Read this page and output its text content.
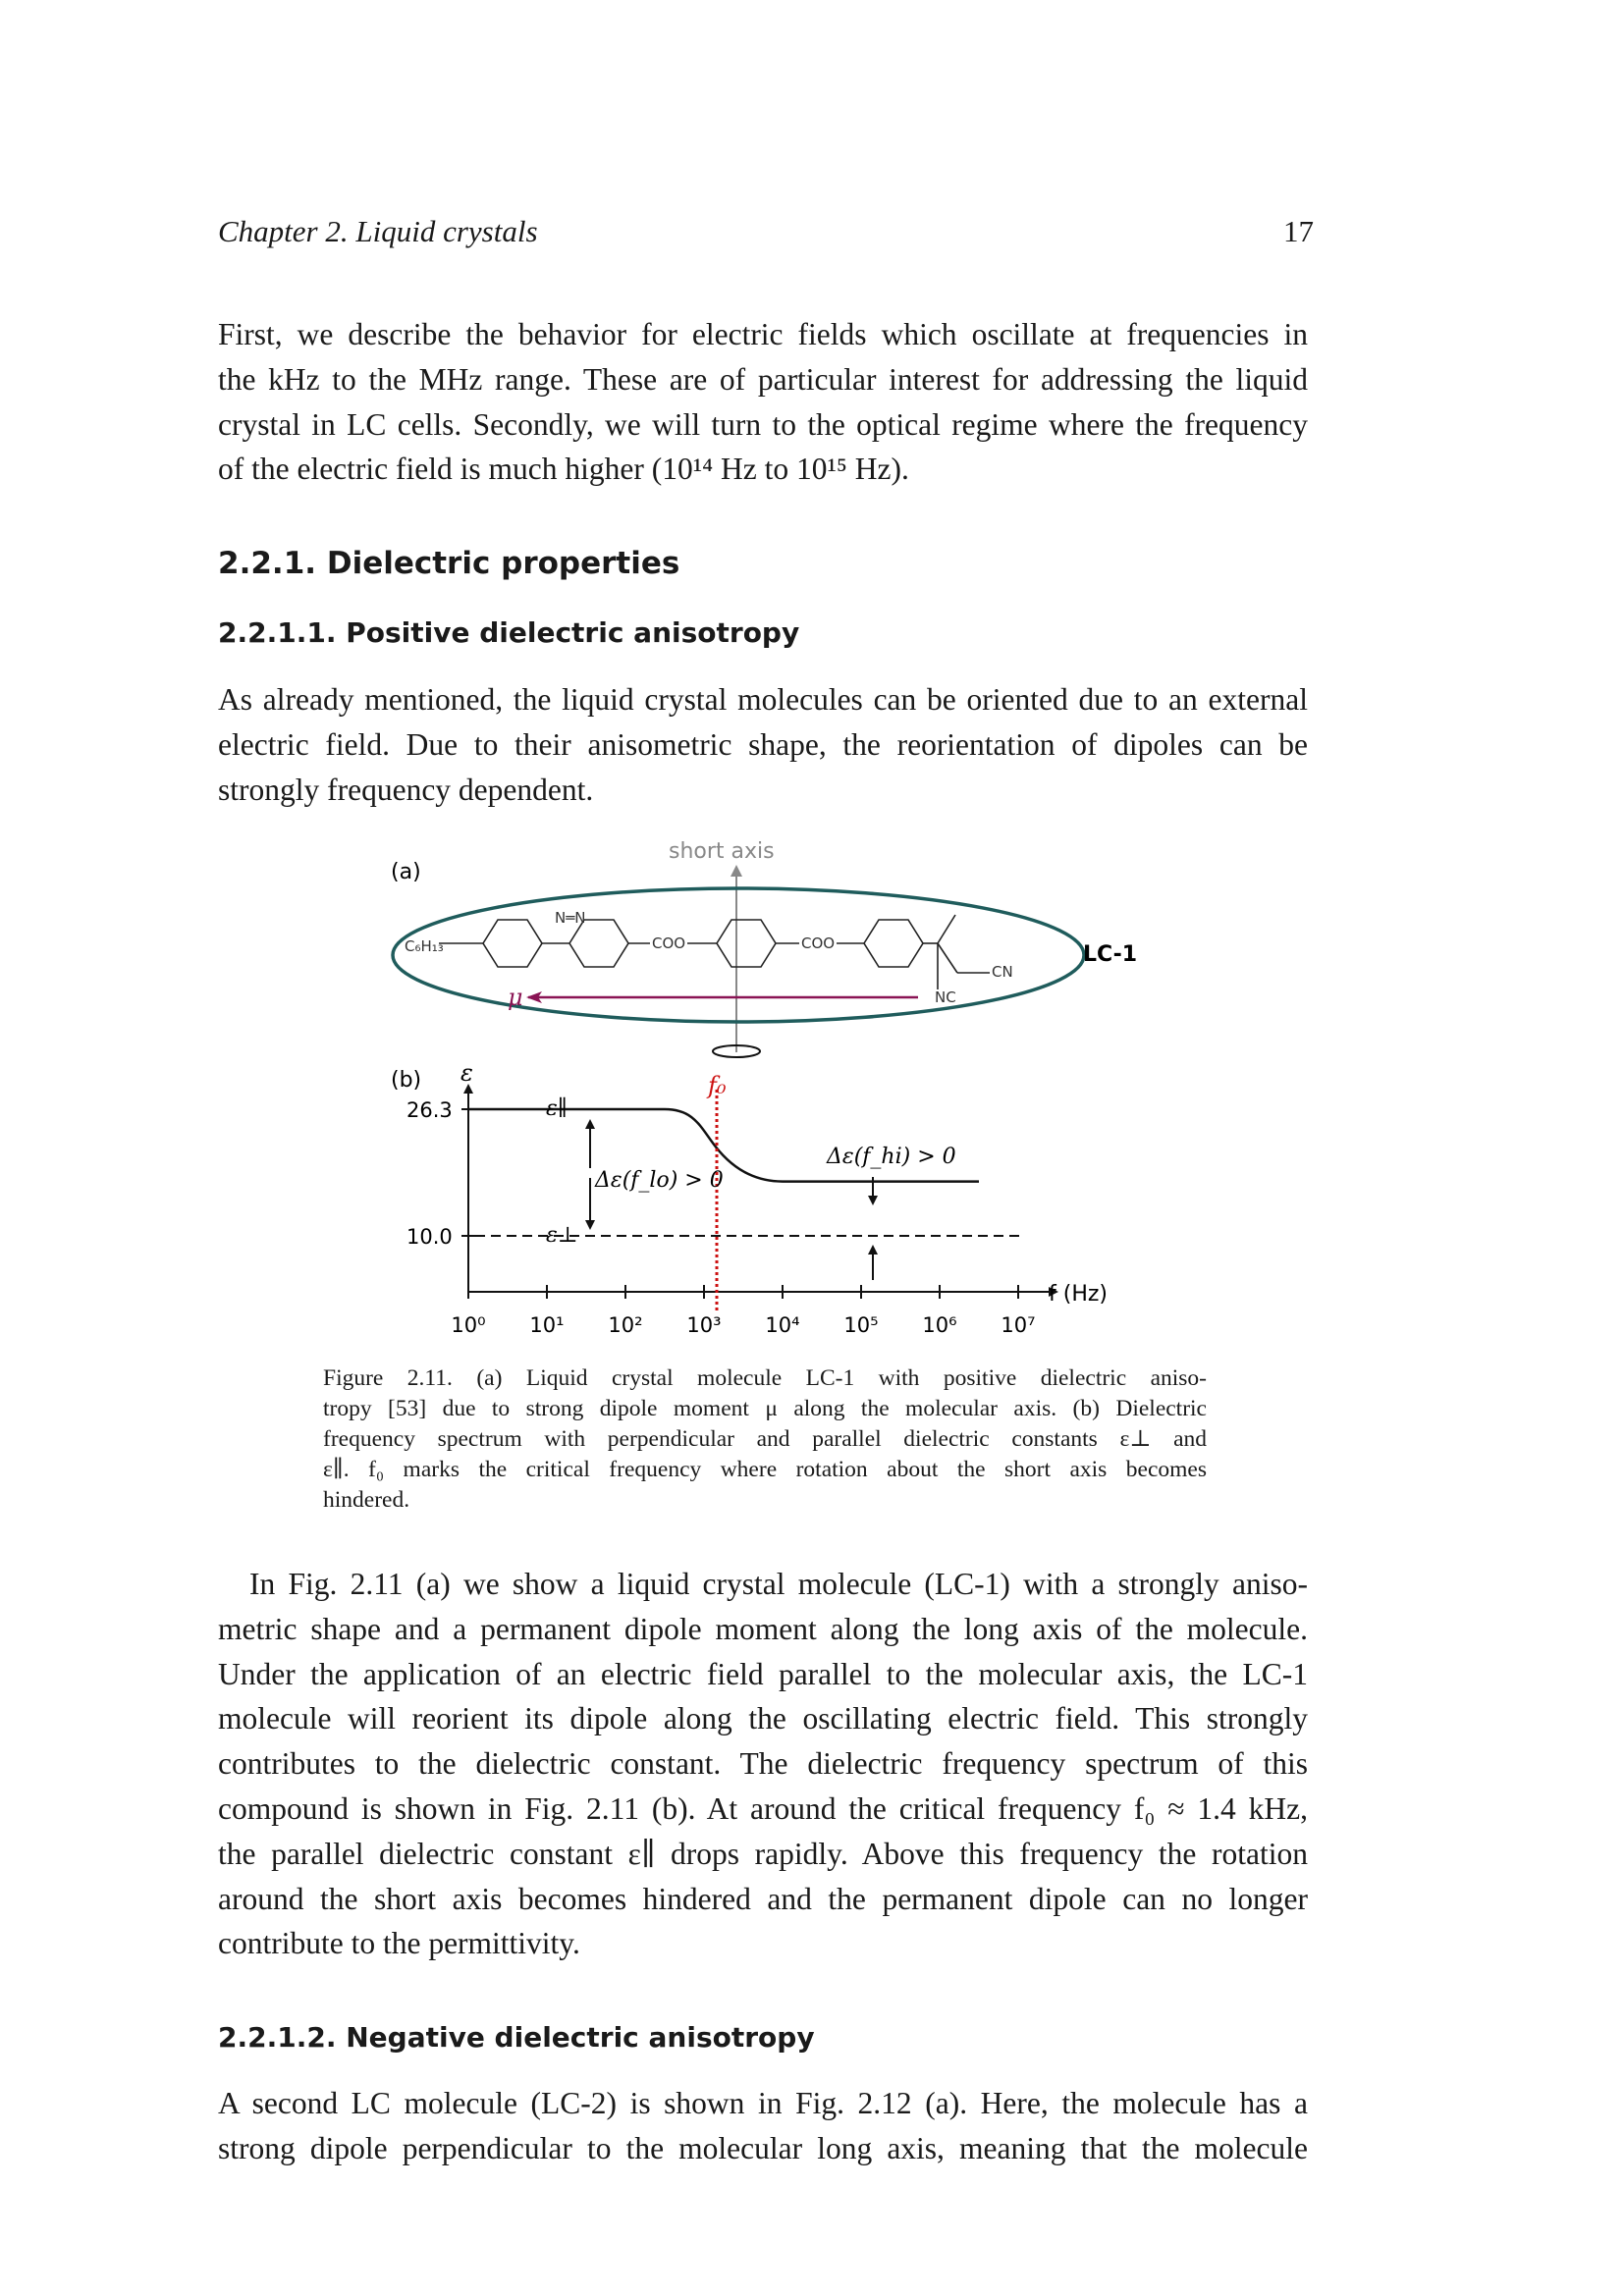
Chapter 2. Liquid crystals	17
First, we describe the behavior for electric fields which oscillate at frequencies in
the kHz to the MHz range. These are of particular interest for addressing the liquid
crystal in LC cells. Secondly, we will turn to the optical regime where the frequency
of the electric field is much higher (10¹⁴ Hz to 10¹⁵ Hz).
2.2.1. Dielectric properties
2.2.1.1. Positive dielectric anisotropy
As already mentioned, the liquid crystal molecules can be oriented due to an external
electric field. Due to their anisometric shape, the reorientation of dipoles can be
strongly frequency dependent.
(a)
short axis
C₆H₁₃
N═N
COO	COO
CN
NC
μ
LC-1
(b) ε
f (Hz)
26.3
10.0
10⁰ 10¹ 10² 10³ 10⁴ 10⁵ 10⁶ 10⁷
f₀
ε∥
ε⊥
Δε(f_lo) > 0
Δε(f_hi) > 0
Figure 2.11. (a) Liquid crystal molecule LC-1 with positive dielectric aniso-
tropy [53] due to strong dipole moment μ along the molecular axis. (b) Dielectric
frequency spectrum with perpendicular and parallel dielectric constants ε⊥ and
ε∥. f₀ marks the critical frequency where rotation about the short axis becomes
hindered.
In Fig. 2.11 (a) we show a liquid crystal molecule (LC-1) with a strongly aniso-
metric shape and a permanent dipole moment along the long axis of the molecule.
Under the application of an electric field parallel to the molecular axis, the LC-1
molecule will reorient its dipole along the oscillating electric field. This strongly
contributes to the dielectric constant. The dielectric frequency spectrum of this
compound is shown in Fig. 2.11 (b). At around the critical frequency f₀ ≈ 1.4 kHz,
the parallel dielectric constant ε∥ drops rapidly. Above this frequency the rotation
around the short axis becomes hindered and the permanent dipole can no longer
contribute to the permittivity.
2.2.1.2. Negative dielectric anisotropy
A second LC molecule (LC-2) is shown in Fig. 2.12 (a). Here, the molecule has a
strong dipole perpendicular to the molecular long axis, meaning that the molecule
